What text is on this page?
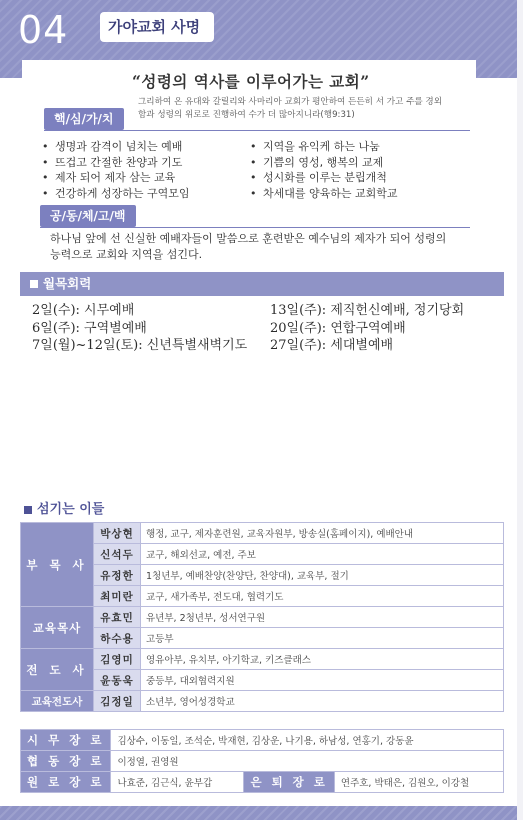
04	가야교회 사명
“성령의 역사를 이루어가는 교회”
그리하여 온 유대와 갈릴리와 사마리아 교회가 평안하여 든든히 서 가고 주를 경외함과 성령의 위로로 진행하여 수가 더 많아지니라(행9:31)
핵/심/가/치
• 생명과 감격이 넘치는 예배
• 뜨겁고 간절한 찬양과 기도
• 제자 되어 제자 삼는 교육
• 건강하게 성장하는 구역모임
• 지역을 유익케 하는 나눔
• 기쁨의 영성, 행복의 교제
• 성시화를 이루는 분립개척
• 차세대를 양육하는 교회학교
공/동/체/고/백
하나님 앞에 선 신실한 예배자들이 말씀으로 훈련받은 예수님의 제자가 되어 성령의 능력으로 교회와 지역을 섬긴다.
월목회력
2일(수): 시무예배
6일(주): 구역별예배
7일(월)~12일(토): 신년특별새벽기도
13일(주): 제직헌신예배, 정기당회
20일(주): 연합구역예배
27일(주): 세대별예배
섬기는 이들
부 목 사	박상현	행정, 교구, 제자훈련원, 교육자원부, 방송실(홈페이지), 예배안내
	신석두	교구, 해외선교, 예전, 주보
	유정한	1청년부, 예배찬양(찬양단, 찬양대), 교육부, 절기
	최미란	교구, 새가족부, 전도대, 협력기도
교육목사	유효민	유년부, 2청년부, 성서연구원
	하수용	고등부
전 도 사	김영미	영유아부, 유치부, 아기학교, 키즈클래스
	윤동욱	중등부, 대외협력지원
교육전도사	김정일	소년부, 영어성경학교
시 무 장 로	김상수, 이동일, 조석순, 박재현, 김상운, 나기용, 하남성, 연홍기, 강동윤		
협 동 장 로	이정열, 권영원		
원 로 장 로	나효준, 김근식, 윤부갑	은 퇴 장 로	연주호, 박태은, 김원오, 이강철
